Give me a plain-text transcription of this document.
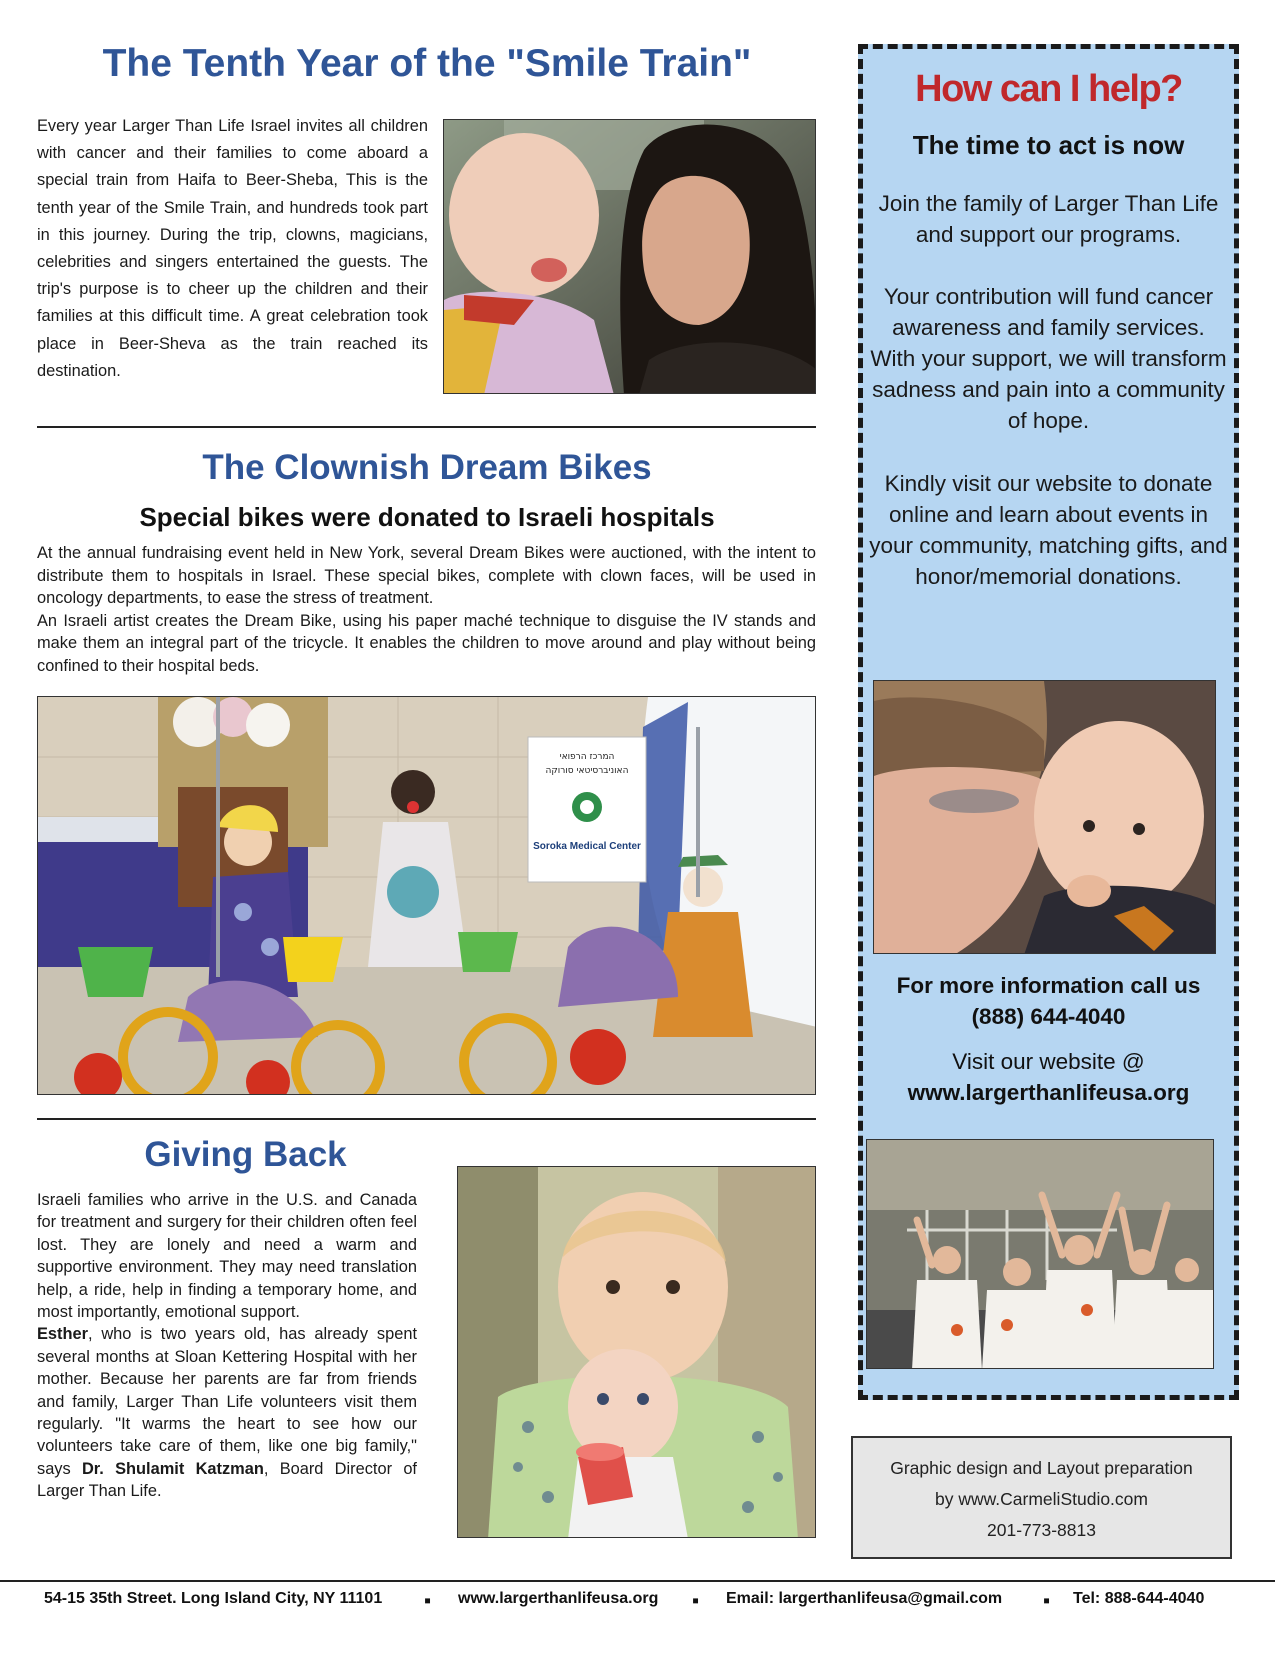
The Tenth Year of the "Smile Train"

Every year Larger Than Life Israel invites all children with cancer and their families to come aboard a special train from Haifa to Beer-Sheba, This is the tenth year of the Smile Train, and hundreds took part in this journey. During the trip, clowns, magicians, celebrities and singers entertained the guests. The trip's purpose is to cheer up the children and their families at this difficult time. A great celebration took place in Beer-Sheva as the train reached its destination.

The Clownish Dream Bikes

Special bikes were donated to Israeli hospitals

At the annual fundraising event held in New York, several Dream Bikes were auctioned, with the intent to distribute them to hospitals in Israel. These special bikes, complete with clown faces, will be used in oncology departments, to ease the stress of treatment.

An Israeli artist creates the Dream Bike, using his paper maché technique to disguise the IV stands and make them an integral part of the tricycle. It enables the children to move around and play without being confined to their hospital beds.

המרכז הרפואי
האוניברסיטאי סורוקה
Soroka Medical Center
Giving Back

Israeli families who arrive in the U.S. and Canada for treatment and surgery for their children often feel lost. They are lonely and need a warm and supportive environment. They may need translation help, a ride, help in finding a temporary home, and most importantly, emotional support.

Esther, who is two years old, has already spent several months at Sloan Kettering Hospital with her mother. Because her parents are far from friends and family, Larger Than Life volunteers visit them regularly. "It warms the heart to see how our volunteers take care of them, like one big family," says Dr. Shulamit Katzman, Board Director of Larger Than Life.

How can I help?

The time to act is now

Join the family of Larger Than Life and support our programs.

Your contribution will fund cancer awareness and family services. With your support, we will transform sadness and pain into a community of hope.

Kindly visit our website to donate online and learn about events in your community, matching gifts, and honor/memorial donations.

For more information call us
(888) 644-4040

Visit our website @
www.largerthanlifeusa.org

Graphic design and Layout preparation
by www.CarmeliStudio.com
201-773-8813
54-15 35th Street. Long Island City, NY 11101 ▪ www.largerthanlifeusa.org ▪ Email: largerthanlifeusa@gmail.com ▪ Tel: 888-644-4040
